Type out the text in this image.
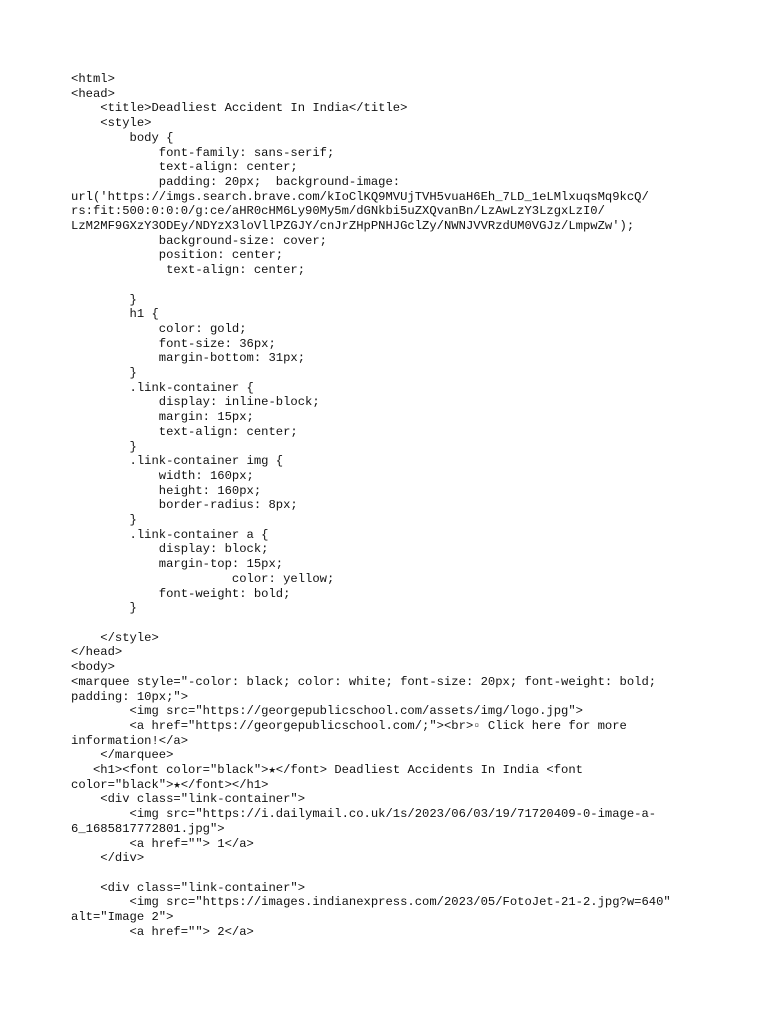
<html>
<head>
<title>Deadliest Accident In India</title>
<style>
body {
font-family: sans-serif;
text-align: center;
padding: 20px;  background-image:
url('https://imgs.search.brave.com/kIoClKQ9MVUjTVH5vuaH6Eh_7LD_1eLMlxuqsMq9kcQ/
rs:fit:500:0:0:0/g:ce/aHR0cHM6Ly90My5m/dGNkbi5uZXQvanBn/LzAwLzY3LzgxLzI0/
LzM2MF9GXzY3ODEy/NDYzX3loVllPZGJY/cnJrZHpPNHJGclZy/NWNJVVRzdUM0VGJz/LmpwZw');
background-size: cover;
position: center;
text-align: center;
}
h1 {
color: gold;
font-size: 36px;
margin-bottom: 31px;
}
.link-container {
display: inline-block;
margin: 15px;
text-align: center;
}
.link-container img {
width: 160px;
height: 160px;
border-radius: 8px;
}
.link-container a {
display: block;
margin-top: 15px;
color: yellow;
font-weight: bold;
}
</style>
</head>
<body>
<marquee style="-color: black; color: white; font-size: 20px; font-weight: bold;
padding: 10px;">
<img src="https://georgepublicschool.com/assets/img/logo.jpg">
<a href="https://georgepublicschool.com/;"><br>▫ Click here for more
information!</a>
</marquee>
<h1><font color="black">★</font> Deadliest Accidents In India <font
color="black">★</font></h1>
<div class="link-container">
<img src="https://i.dailymail.co.uk/1s/2023/06/03/19/71720409-0-image-a-
6_1685817772801.jpg">
<a href=""> 1</a>
</div>
<div class="link-container">
<img src="https://images.indianexpress.com/2023/05/FotoJet-21-2.jpg?w=640"
alt="Image 2">
<a href=""> 2</a>
